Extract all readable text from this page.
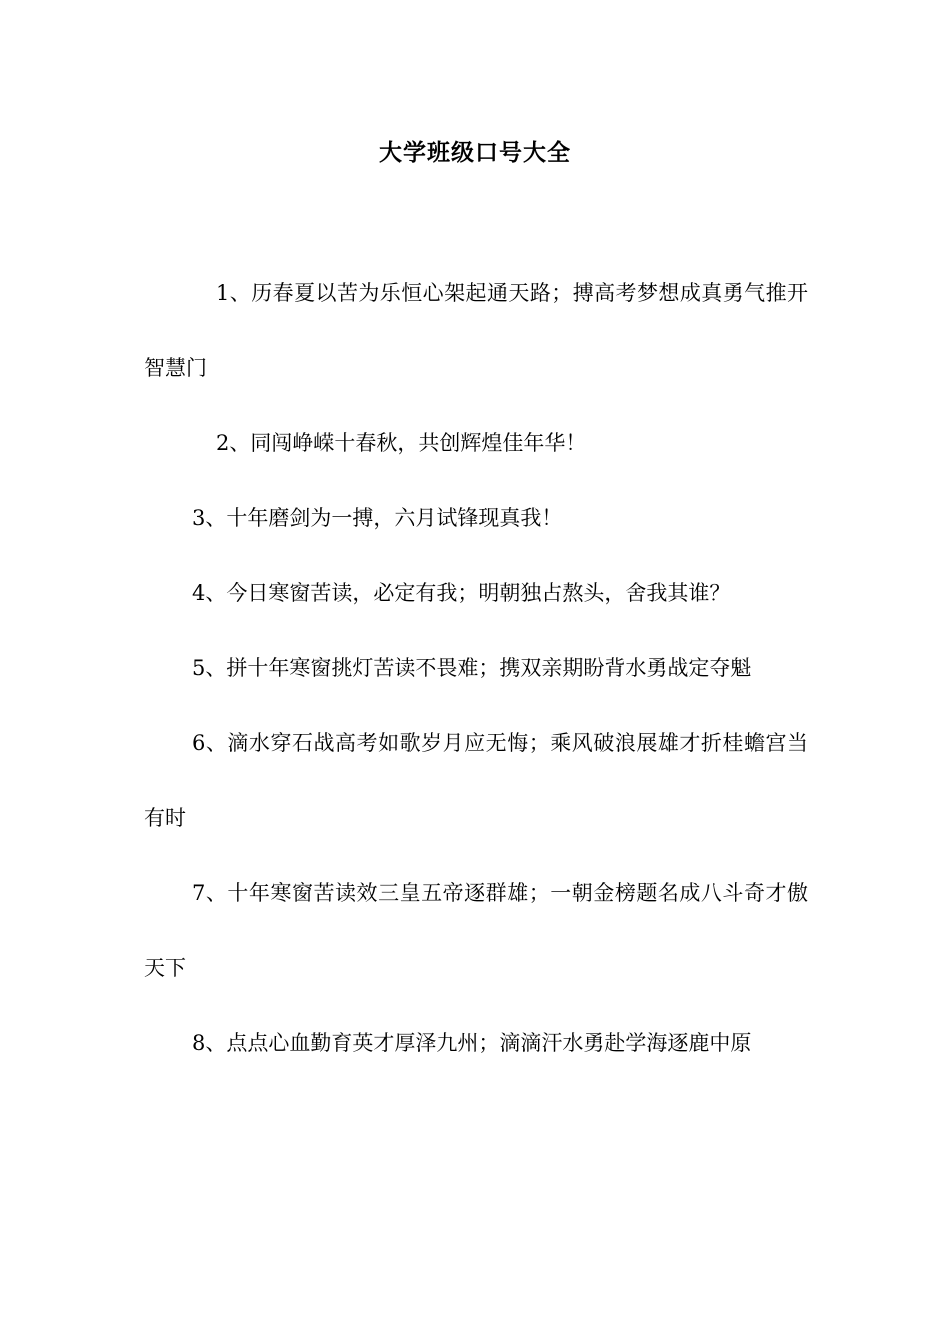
大学班级口号大全

1、历春夏以苦为乐恒心架起通天路；搏高考梦想成真勇气推开智慧门

2、同闯峥嵘十春秋，共创辉煌佳年华！

3、十年磨剑为一搏，六月试锋现真我！

4、今日寒窗苦读，必定有我；明朝独占熬头，舍我其谁？

5、拼十年寒窗挑灯苦读不畏难；携双亲期盼背水勇战定夺魁

6、滴水穿石战高考如歌岁月应无悔；乘风破浪展雄才折桂蟾宫当有时

7、十年寒窗苦读效三皇五帝逐群雄；一朝金榜题名成八斗奇才傲天下

8、点点心血勤育英才厚泽九州；滴滴汗水勇赴学海逐鹿中原
